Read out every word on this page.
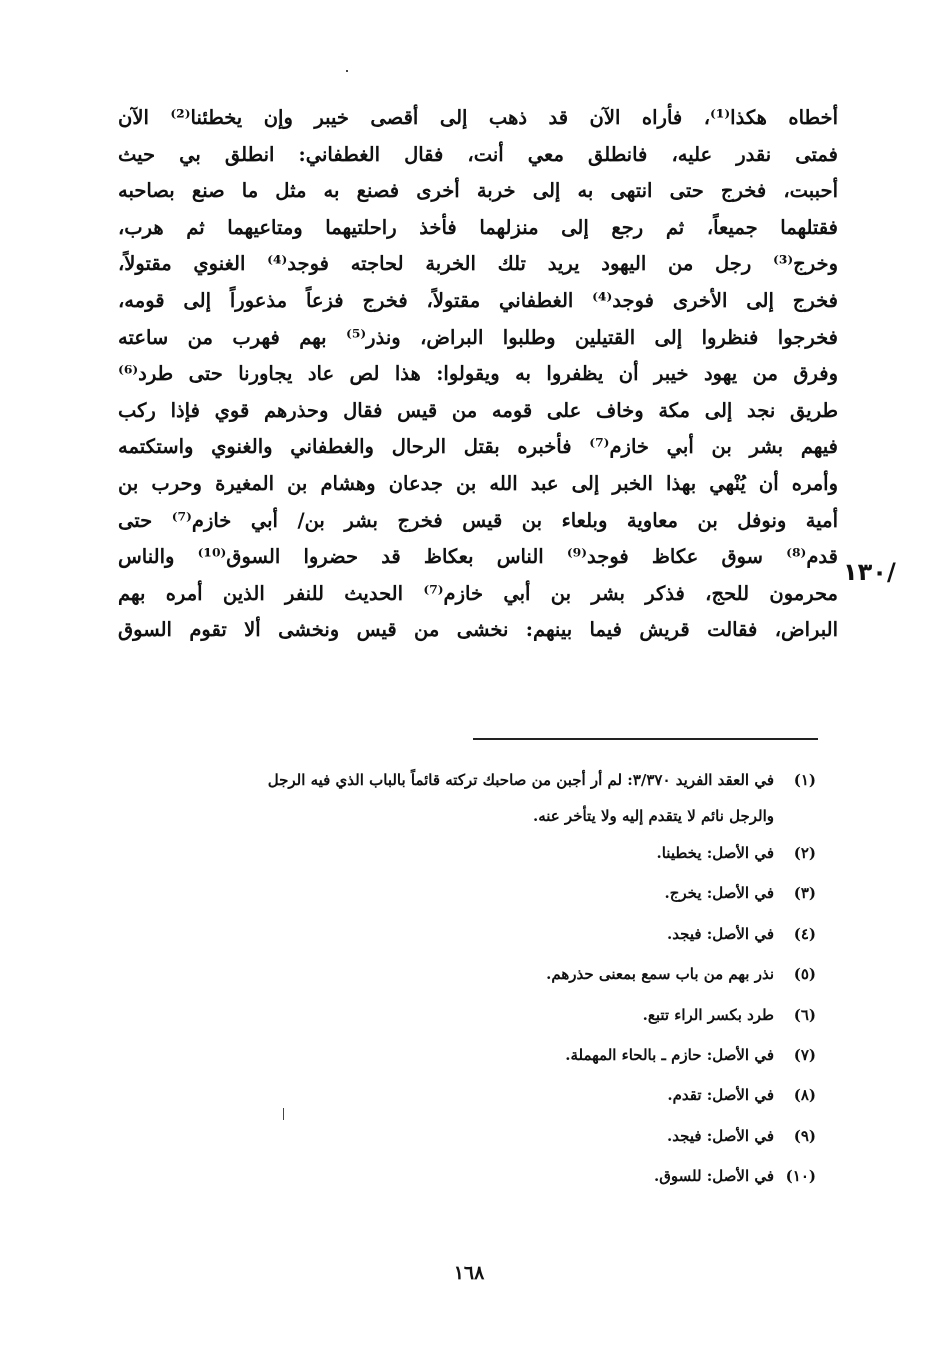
أخطاه هكذا⁽¹⁾، فأراه الآن قد ذهب إلى أقصى خيبر وإن يخطئنا⁽²⁾ الآن
فمتى نقدر عليه، فانطلق معي أنت، فقال الغطفاني: انطلق بي حيث
أحببت، فخرج حتى انتهى به إلى خربة أخرى فصنع به مثل ما صنع بصاحبه
فقتلهما جميعاً، ثم رجع إلى منزلهما فأخذ راحلتيهما ومتاعيهما ثم هرب،
وخرج⁽³⁾ رجل من اليهود يريد تلك الخربة لحاجته فوجد⁽⁴⁾ الغنوي مقتولاً،
فخرج إلى الأخرى فوجد⁽⁴⁾ الغطفاني مقتولاً، فخرج فزعاً مذعوراً إلى قومه،
فخرجوا فنظروا إلى القتيلين وطلبوا البراض، ونذر⁽⁵⁾ بهم فهرب من ساعته
وفرق من يهود خيبر أن يظفروا به ويقولوا: هذا لص عاد يجاورنا حتى طرد⁽⁶⁾
طريق نجد إلى مكة وخاف على قومه من قيس فقال وحذرهم قوي فإذا ركب
فيهم بشر بن أبي خازم⁽⁷⁾ فأخبره بقتل الرحال والغطفاني والغنوي واستكتمه
وأمره أن يُنْهي بهذا الخبر إلى عبد الله بن جدعان وهشام بن المغيرة وحرب بن
أمية ونوفل بن معاوية وبلعاء بن قيس فخرج بشر بن/ أبي خازم⁽⁷⁾ حتى
قدم⁽⁸⁾ سوق عكاظ فوجد⁽⁹⁾ الناس بعكاظ قد حضروا السوق⁽¹⁰⁾ والناس
محرمون للحج، فذكر بشر بن أبي خازم⁽⁷⁾ الحديث للنفر الذين أمره بهم
البراض، فقالت قريش فيما بينهم: نخشى من قيس ونخشى ألا تقوم السوق
/١٣٠
(١)في العقد الفريد ٣/٣٧٠: لم أر أجبن من صاحبك تركته قائماً بالباب الذي فيه الرجل
والرجل نائم لا يتقدم إليه ولا يتأخر عنه.
(٢)في الأصل: يخطينا.
(٣)في الأصل: يخرج.
(٤)في الأصل: فيجد.
(٥)نذر بهم من باب سمع بمعنى حذرهم.
(٦)طرد بكسر الراء تتبع.
(٧)في الأصل: حازم ـ بالحاء المهملة.
(٨)في الأصل: تقدم.
(٩)في الأصل: فيجد.
(١٠)في الأصل: للسوق.
١٦٨
